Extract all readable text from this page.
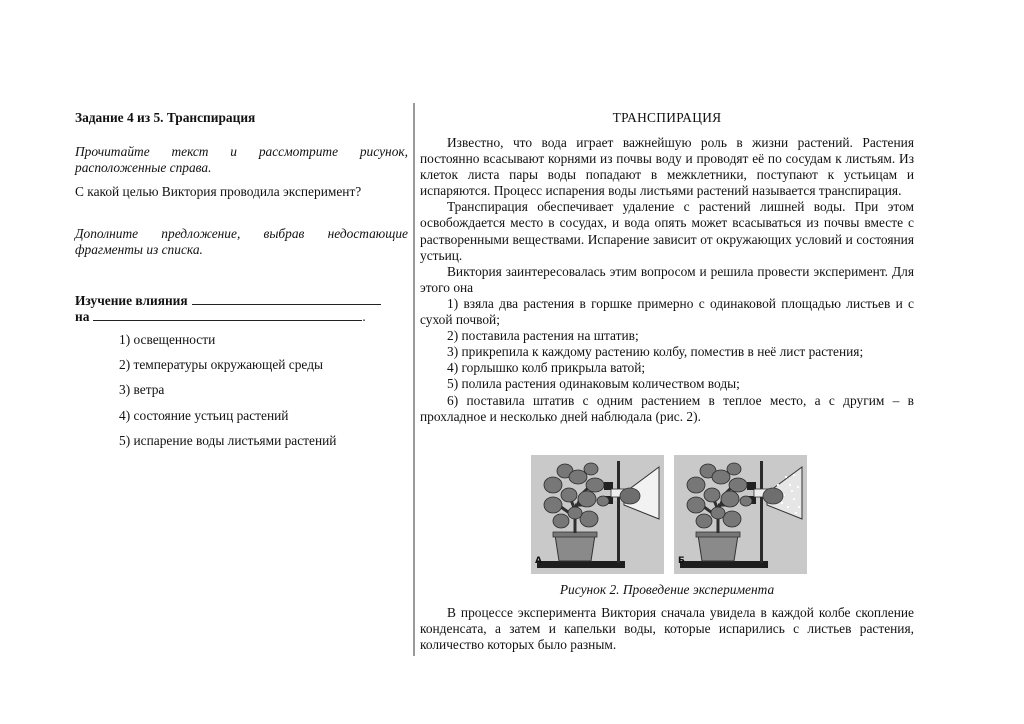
Задание 4 из 5. Транспирация

Прочитайте текст и рассмотрите рисунок, расположенные справа.

С какой целью Виктория проводила эксперимент?

Дополните предложение, выбрав недостающие фрагменты из списка.

Изучение влияния
на	.
1) освещенности
2) температуры окружающей среды
3) ветра
4) состояние устьиц растений
5) испарение воды листьями растений
ТРАНСПИРАЦИЯ

Известно, что вода играет важнейшую роль в жизни растений. Растения постоянно всасывают корнями из почвы воду и проводят её по сосудам к листьям. Из клеток листа пары воды попадают в межклетники, поступают к устьицам и испаряются. Процесс испарения воды листьями растений называется транспирация.

Транспирация обеспечивает удаление с растений лишней воды. При этом освобождается место в сосудах, и вода опять может всасываться из почвы вместе с растворенными веществами. Испарение зависит от окружающих условий и состояния устьиц.

Виктория заинтересовалась этим вопросом и решила провести эксперимент. Для этого она

1) взяла два растения в горшке примерно с одинаковой площадью листьев и с сухой почвой;

2) поставила растения на штатив;

3) прикрепила к каждому растению колбу, поместив в неё лист растения;

4) горлышко колб прикрыла ватой;

5) полила растения одинаковым количеством воды;

6) поставила штатив с одним растением в теплое место, а с другим – в прохладное и несколько дней наблюдала (рис. 2).

А	Б
Рисунок 2. Проведение эксперимента

В процессе эксперимента Виктория сначала увидела в каждой колбе скопление конденсата, а затем и капельки воды, которые испарились с листьев растения, количество которых было разным.
